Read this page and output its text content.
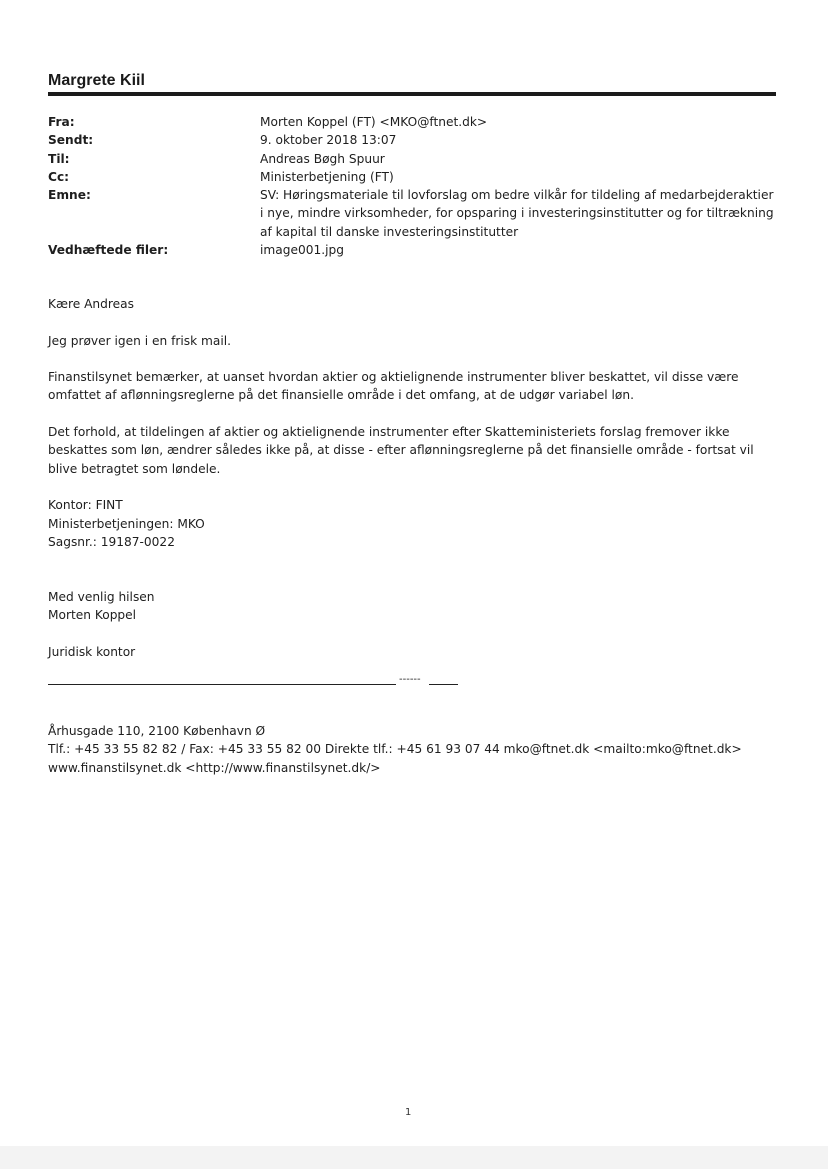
Margrete Kiil
Fra:	Morten Koppel (FT) <MKO@ftnet.dk>
Sendt:	9. oktober 2018 13:07
Til:	Andreas Bøgh Spuur
Cc:	Ministerbetjening (FT)
Emne:	SV: Høringsmateriale til lovforslag om bedre vilkår for tildeling af medarbejderaktier i nye, mindre virksomheder, for opsparing i investeringsinstitutter og for tiltrækning af kapital til danske investeringsinstitutter
Vedhæftede filer:	image001.jpg

Kære Andreas

Jeg prøver igen i en frisk mail.

Finanstilsynet bemærker, at uanset hvordan aktier og aktielignende instrumenter bliver beskattet, vil disse være omfattet af aflønningsreglerne på det finansielle område i det omfang, at de udgør variabel løn.

Det forhold, at tildelingen af aktier og aktielignende instrumenter efter Skatteministeriets forslag fremover ikke beskattes som løn, ændrer således ikke på, at disse - efter aflønningsreglerne på det finansielle område - fortsat vil blive betragtet som løndele.

Kontor: FINT

Ministerbetjeningen: MKO

Sagsnr.: 19187-0022

Med venlig hilsen

Morten Koppel

Juridisk kontor

------

Århusgade 110, 2100 København Ø

Tlf.: +45 33 55 82 82 / Fax: +45 33 55 82 00 Direkte tlf.: +45 61 93 07 44 mko@ftnet.dk <mailto:mko@ftnet.dk>

www.finanstilsynet.dk <http://www.finanstilsynet.dk/>

1
